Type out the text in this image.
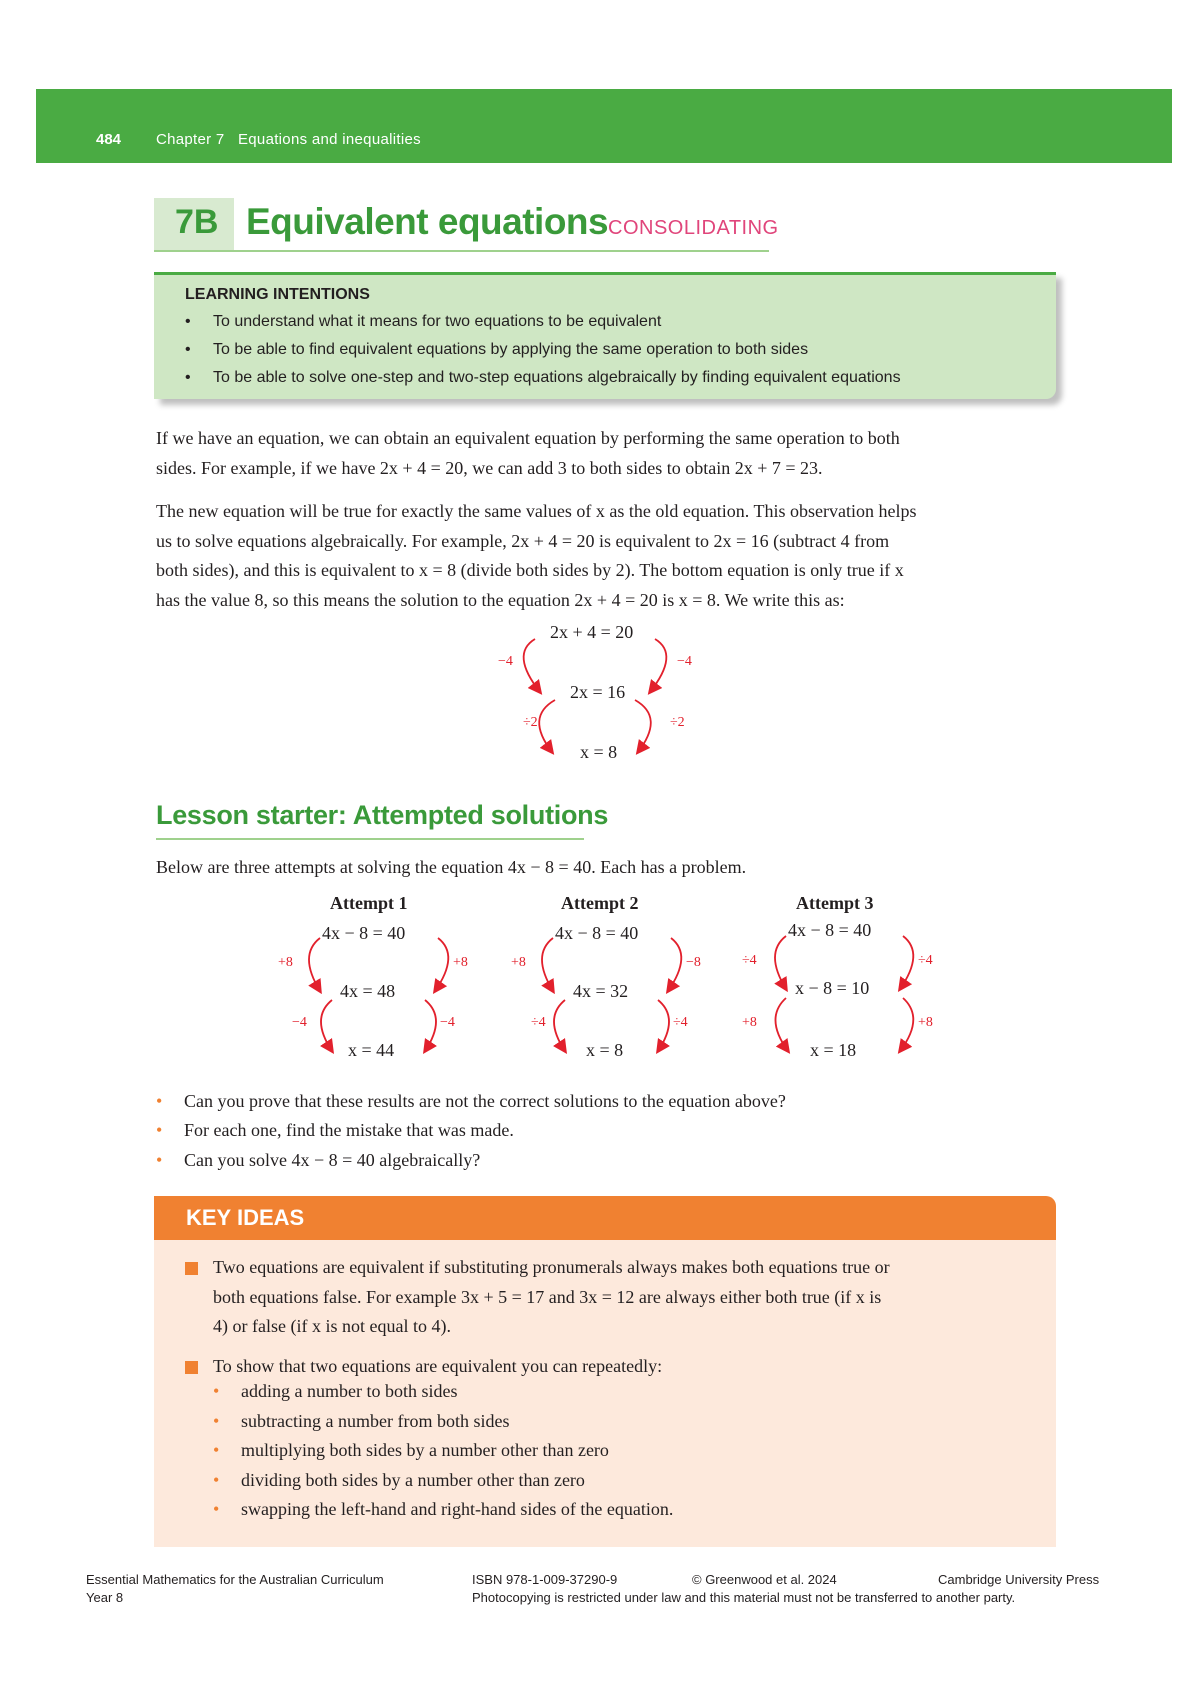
484 Chapter 7   Equations and inequalities
7B Equivalent equations CONSOLIDATING
LEARNING INTENTIONS
• To understand what it means for two equations to be equivalent
• To be able to find equivalent equations by applying the same operation to both sides
• To be able to solve one-step and two-step equations algebraically by finding equivalent equations
If we have an equation, we can obtain an equivalent equation by performing the same operation to both
sides. For example, if we have 2x + 4 = 20, we can add 3 to both sides to obtain 2x + 7 = 23.
The new equation will be true for exactly the same values of x as the old equation. This observation helps
us to solve equations algebraically. For example, 2x + 4 = 20 is equivalent to 2x = 16 (subtract 4 from
both sides), and this is equivalent to x = 8 (divide both sides by 2). The bottom equation is only true if x
has the value 8, so this means the solution to the equation 2x + 4 = 20 is x = 8. We write this as:
2x + 4 = 20
2x = 16
x = 8
−4	−4
÷2	÷2
Lesson starter: Attempted solutions
Below are three attempts at solving the equation 4x − 8 = 40. Each has a problem.
Attempt 1
4x − 8 = 40
4x = 48
x = 44
+8	+8
−4	−4
Attempt 2
4x − 8 = 40
4x = 32
x = 8
+8	−8
÷4	÷4
Attempt 3
4x − 8 = 40
x − 8 = 10
x = 18
÷4	÷4
+8	+8
• Can you prove that these results are not the correct solutions to the equation above?
• For each one, find the mistake that was made.
• Can you solve 4x − 8 = 40 algebraically?
KEY IDEAS
Two equations are equivalent if substituting pronumerals always makes both equations true or
both equations false. For example 3x + 5 = 17 and 3x = 12 are always either both true (if x is
4) or false (if x is not equal to 4).
To show that two equations are equivalent you can repeatedly:
• adding a number to both sides
• subtracting a number from both sides
• multiplying both sides by a number other than zero
• dividing both sides by a number other than zero
• swapping the left-hand and right-hand sides of the equation.
Essential Mathematics for the Australian Curriculum
Year 8
ISBN 978-1-009-37290-9	© Greenwood et al. 2024	Cambridge University Press
Photocopying is restricted under law and this material must not be transferred to another party.
